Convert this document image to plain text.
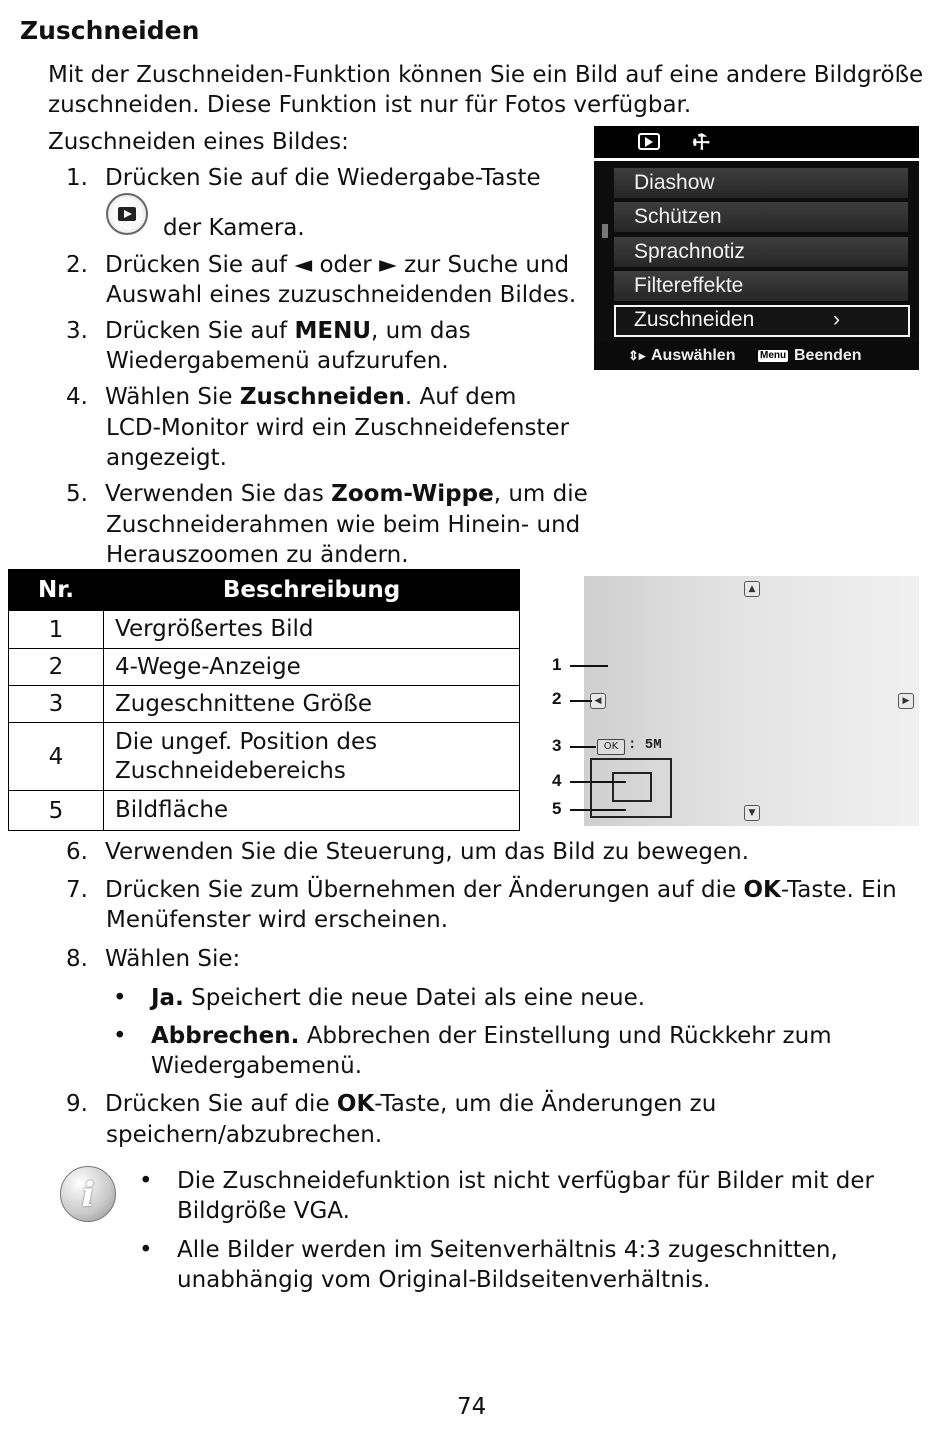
Zuschneiden
Mit der Zuschneiden-Funktion können Sie ein Bild auf eine andere Bildgröße
zuschneiden. Diese Funktion ist nur für Fotos verfügbar.
Zuschneiden eines Bildes:
1. Drücken Sie auf die Wiedergabe-Taste
der Kamera.
2. Drücken Sie auf ◄ oder ► zur Suche und
Auswahl eines zuzuschneidenden Bildes.
3. Drücken Sie auf MENU, um das
Wiedergabemenü aufzurufen.
4. Wählen Sie Zuschneiden. Auf dem
LCD-Monitor wird ein Zuschneidefenster
angezeigt.
5. Verwenden Sie das Zoom-Wippe, um die
Zuschneiderahmen wie beim Hinein- und
Herauszoomen zu ändern.
⚒
Diashow
Schützen
Sprachnotiz
Filtereffekte
Zuschneiden	›
⇕▸ Auswählen Menu Beenden
Nr.	Beschreibung
1	Vergrößertes Bild
2	4-Wege-Anzeige
3	Zugeschnittene Größe
4	Die ungef. Position des
Zuschneidebereichs

5	Bildfläche
▲
◀	▶
▼
OK : 5M
1
2
3
4
5
6. Verwenden Sie die Steuerung, um das Bild zu bewegen.
7. Drücken Sie zum Übernehmen der Änderungen auf die OK-Taste. Ein
Menüfenster wird erscheinen.
8. Wählen Sie:
• Ja. Speichert die neue Datei als eine neue.
• Abbrechen. Abbrechen der Einstellung und Rückkehr zum
Wiedergabemenü.
9. Drücken Sie auf die OK-Taste, um die Änderungen zu
speichern/abzubrechen.
i	• Die Zuschneidefunktion ist nicht verfügbar für Bilder mit der
Bildgröße VGA.
• Alle Bilder werden im Seitenverhältnis 4:3 zugeschnitten,
unabhängig vom Original-Bildseitenverhältnis.
74
